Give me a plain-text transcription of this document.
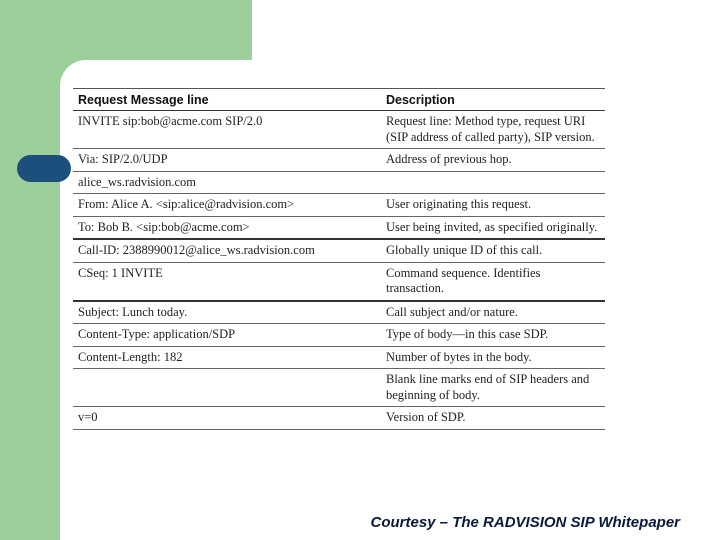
Request Message line	Description
INVITE sip:bob@acme.com SIP/2.0	Request line: Method type, request URI (SIP address of called party), SIP version.
Via: SIP/2.0/UDP	Address of previous hop.
alice_ws.radvision.com	
From: Alice A. <sip:alice@radvision.com>	User originating this request.
To: Bob B. <sip:bob@acme.com>	User being invited, as specified originally.
Call-ID: 2388990012@alice_ws.radvision.com	Globally unique ID of this call.
CSeq: 1 INVITE	Command sequence. Identifies transaction.
Subject: Lunch today.	Call subject and/or nature.
Content-Type: application/SDP	Type of body—in this case SDP.
Content-Length: 182	Number of bytes in the body.
	Blank line marks end of SIP headers and beginning of body.
v=0	Version of SDP.
Courtesy – The RADVISION SIP Whitepaper
